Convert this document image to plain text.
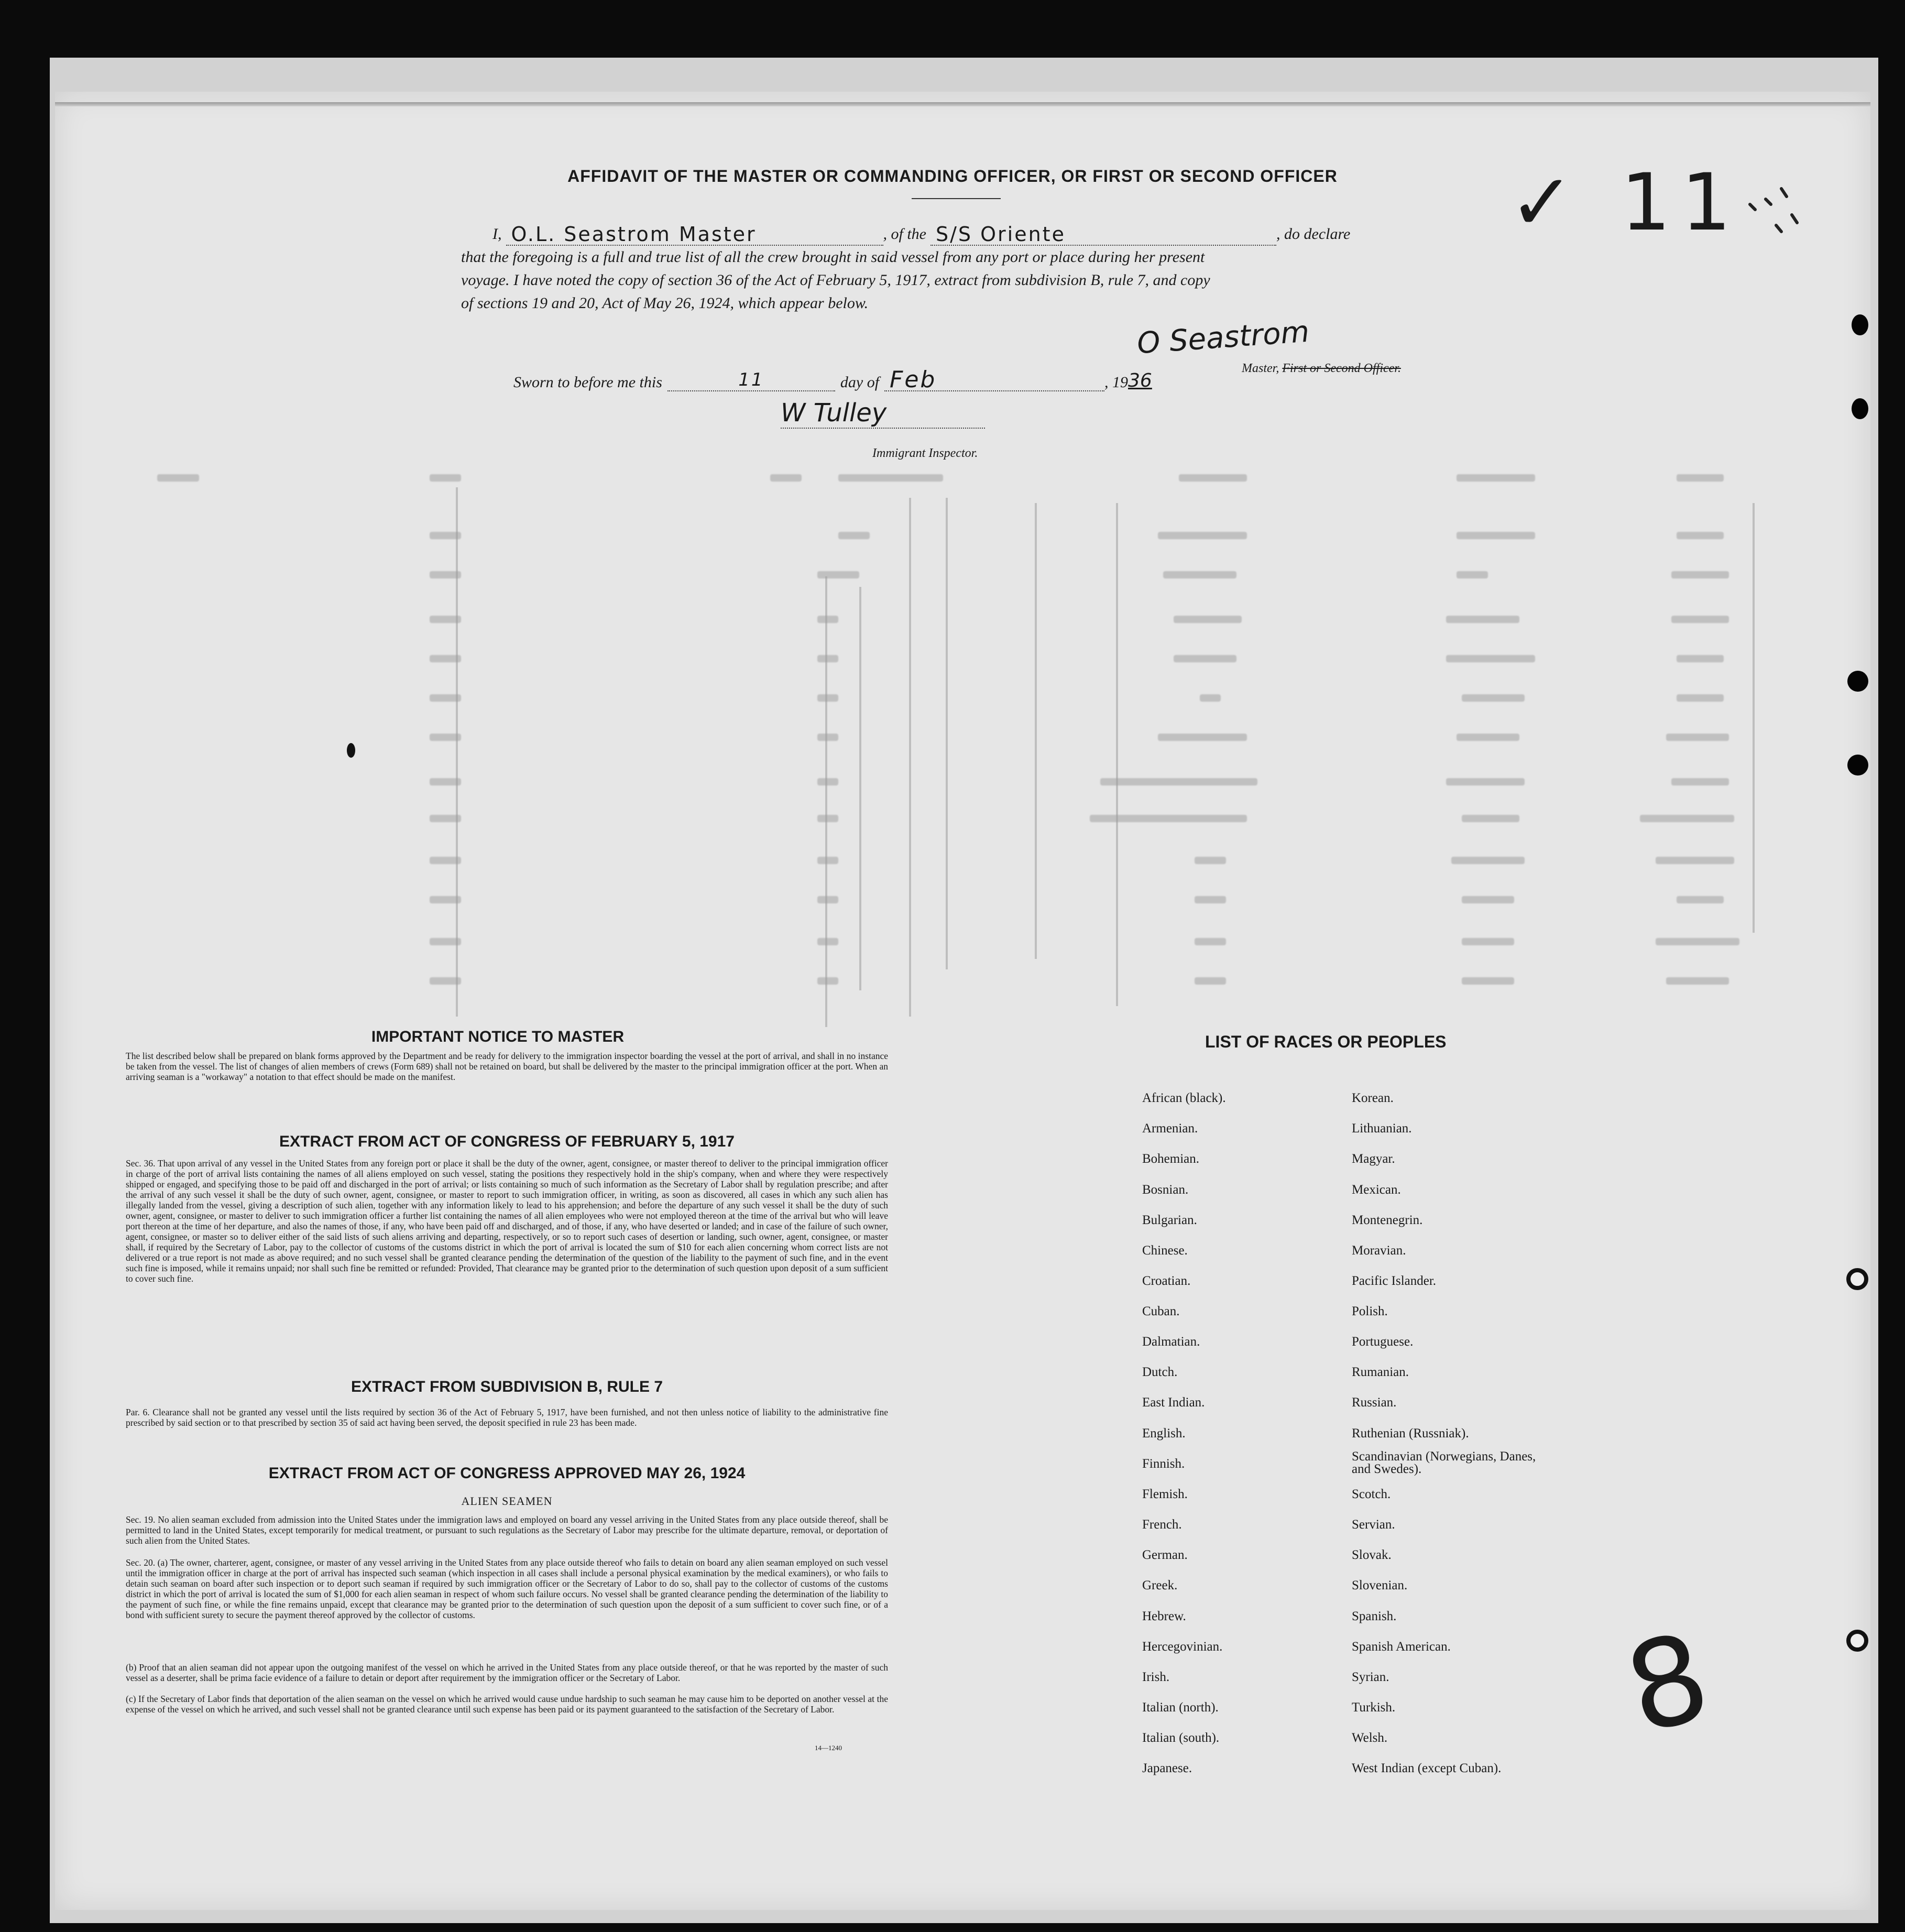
AFFIDAVIT OF THE MASTER OR COMMANDING OFFICER, OR FIRST OR SECOND OFFICER
I, O.L. Seastrom Master	, of the S/S Oriente	, do declare
that the foregoing is a full and true list of all the crew brought in said vessel from any port or place during her present
voyage. I have noted the copy of section 36 of the Act of February 5, 1917, extract from subdivision B, rule 7, and copy
of sections 19 and 20, Act of May 26, 1924, which appear below.
O Seastrom
Master, First or Second Officer.
Sworn to before me this	11	day of Feb	, 19 36
W Tulley
Immigrant Inspector.
✓ 11
8
IMPORTANT NOTICE TO MASTER
The list described below shall be prepared on blank forms approved by the Department and be ready for delivery to the immigration inspector boarding the vessel at the port of arrival, and shall in no instance be taken from the vessel. The list of changes of alien members of crews (Form 689) shall not be retained on board, but shall be delivered by the master to the principal immigration officer at the port. When an arriving seaman is a "workaway" a notation to that effect should be made on the manifest.
EXTRACT FROM ACT OF CONGRESS OF FEBRUARY 5, 1917
Sec. 36. That upon arrival of any vessel in the United States from any foreign port or place it shall be the duty of the owner, agent, consignee, or master thereof to deliver to the principal immigration officer in charge of the port of arrival lists containing the names of all aliens employed on such vessel, stating the positions they respectively hold in the ship's company, when and where they were respectively shipped or engaged, and specifying those to be paid off and discharged in the port of arrival; or lists containing so much of such information as the Secretary of Labor shall by regulation prescribe; and after the arrival of any such vessel it shall be the duty of such owner, agent, consignee, or master to report to such immigration officer, in writing, as soon as discovered, all cases in which any such alien has illegally landed from the vessel, giving a description of such alien, together with any information likely to lead to his apprehension; and before the departure of any such vessel it shall be the duty of such owner, agent, consignee, or master to deliver to such immigration officer a further list containing the names of all alien employees who were not employed thereon at the time of the arrival but who will leave port thereon at the time of her departure, and also the names of those, if any, who have been paid off and discharged, and of those, if any, who have deserted or landed; and in case of the failure of such owner, agent, consignee, or master so to deliver either of the said lists of such aliens arriving and departing, respectively, or so to report such cases of desertion or landing, such owner, agent, consignee, or master shall, if required by the Secretary of Labor, pay to the collector of customs of the customs district in which the port of arrival is located the sum of $10 for each alien concerning whom correct lists are not delivered or a true report is not made as above required; and no such vessel shall be granted clearance pending the determination of the question of the liability to the payment of such fine, and in the event such fine is imposed, while it remains unpaid; nor shall such fine be remitted or refunded: Provided, That clearance may be granted prior to the determination of such question upon deposit of a sum sufficient to cover such fine.
EXTRACT FROM SUBDIVISION B, RULE 7
Par. 6. Clearance shall not be granted any vessel until the lists required by section 36 of the Act of February 5, 1917, have been furnished, and not then unless notice of liability to the administrative fine prescribed by said section or to that prescribed by section 35 of said act having been served, the deposit specified in rule 23 has been made.
EXTRACT FROM ACT OF CONGRESS APPROVED MAY 26, 1924
ALIEN SEAMEN
Sec. 19. No alien seaman excluded from admission into the United States under the immigration laws and employed on board any vessel arriving in the United States from any place outside thereof, shall be permitted to land in the United States, except temporarily for medical treatment, or pursuant to such regulations as the Secretary of Labor may prescribe for the ultimate departure, removal, or deportation of such alien from the United States.
Sec. 20. (a) The owner, charterer, agent, consignee, or master of any vessel arriving in the United States from any place outside thereof who fails to detain on board any alien seaman employed on such vessel until the immigration officer in charge at the port of arrival has inspected such seaman (which inspection in all cases shall include a personal physical examination by the medical examiners), or who fails to detain such seaman on board after such inspection or to deport such seaman if required by such immigration officer or the Secretary of Labor to do so, shall pay to the collector of customs of the customs district in which the port of arrival is located the sum of $1,000 for each alien seaman in respect of whom such failure occurs. No vessel shall be granted clearance pending the determination of the liability to the payment of such fine, or while the fine remains unpaid, except that clearance may be granted prior to the determination of such question upon the deposit of a sum sufficient to cover such fine, or of a bond with sufficient surety to secure the payment thereof approved by the collector of customs.
(b) Proof that an alien seaman did not appear upon the outgoing manifest of the vessel on which he arrived in the United States from any place outside thereof, or that he was reported by the master of such vessel as a deserter, shall be prima facie evidence of a failure to detain or deport after requirement by the immigration officer or the Secretary of Labor.
(c) If the Secretary of Labor finds that deportation of the alien seaman on the vessel on which he arrived would cause undue hardship to such seaman he may cause him to be deported on another vessel at the expense of the vessel on which he arrived, and such vessel shall not be granted clearance until such expense has been paid or its payment guaranteed to the satisfaction of the Secretary of Labor.
14—1240
LIST OF RACES OR PEOPLES
African (black).
Armenian.
Bohemian.
Bosnian.
Bulgarian.
Chinese.
Croatian.
Cuban.
Dalmatian.
Dutch.
East Indian.
English.
Finnish.
Flemish.
French.
German.
Greek.
Hebrew.
Hercegovinian.
Irish.
Italian (north).
Italian (south).
Japanese.
Korean.
Lithuanian.
Magyar.
Mexican.
Montenegrin.
Moravian.
Pacific Islander.
Polish.
Portuguese.
Rumanian.
Russian.
Ruthenian (Russniak).
Scandinavian (Norwegians, Danes, and Swedes).
Scotch.
Servian.
Slovak.
Slovenian.
Spanish.
Spanish American.
Syrian.
Turkish.
Welsh.
West Indian (except Cuban).
